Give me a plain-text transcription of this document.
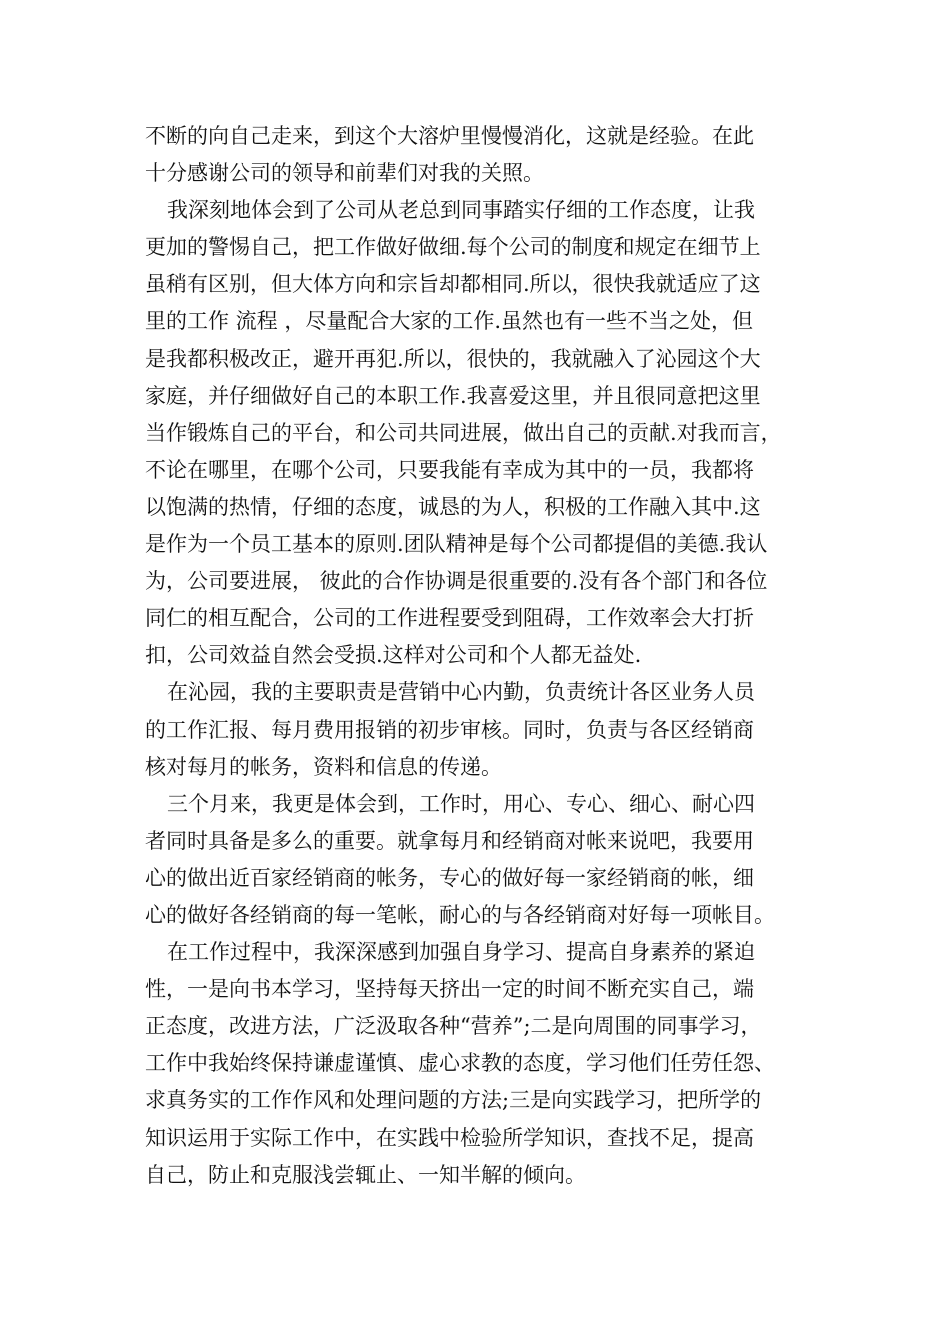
不断的向自己走来，到这个大溶炉里慢慢消化，这就是经验。在此
十分感谢公司的领导和前辈们对我的关照。
我深刻地体会到了公司从老总到同事踏实仔细的工作态度，让我
更加的警惕自己，把工作做好做细.每个公司的制度和规定在细节上
虽稍有区别，但大体方向和宗旨却都相同.所以，很快我就适应了这
里的工作 流程 ，尽量配合大家的工作.虽然也有一些不当之处，但
是我都积极改正，避开再犯.所以，很快的，我就融入了沁园这个大
家庭，并仔细做好自己的本职工作.我喜爱这里，并且很同意把这里
当作锻炼自己的平台，和公司共同进展，做出自己的贡献.对我而言，
不论在哪里，在哪个公司，只要我能有幸成为其中的一员，我都将
以饱满的热情，仔细的态度，诚恳的为人，积极的工作融入其中.这
是作为一个员工基本的原则.团队精神是每个公司都提倡的美德.我认
为，公司要进展， 彼此的合作协调是很重要的.没有各个部门和各位
同仁的相互配合，公司的工作进程要受到阻碍，工作效率会大打折
扣，公司效益自然会受损.这样对公司和个人都无益处.
在沁园，我的主要职责是营销中心内勤，负责统计各区业务人员
的工作汇报、每月费用报销的初步审核。同时，负责与各区经销商
核对每月的帐务，资料和信息的传递。
三个月来，我更是体会到，工作时，用心、专心、细心、耐心四
者同时具备是多么的重要。就拿每月和经销商对帐来说吧，我要用
心的做出近百家经销商的帐务，专心的做好每一家经销商的帐，细
心的做好各经销商的每一笔帐，耐心的与各经销商对好每一项帐目。
在工作过程中，我深深感到加强自身学习、提高自身素养的紧迫
性，一是向书本学习，坚持每天挤出一定的时间不断充实自己，端
正态度，改进方法，广泛汲取各种“营养”;二是向周围的同事学习，
工作中我始终保持谦虚谨慎、虚心求教的态度，学习他们任劳任怨、
求真务实的工作作风和处理问题的方法;三是向实践学习，把所学的
知识运用于实际工作中，在实践中检验所学知识，查找不足，提高
自己，防止和克服浅尝辄止、一知半解的倾向。
